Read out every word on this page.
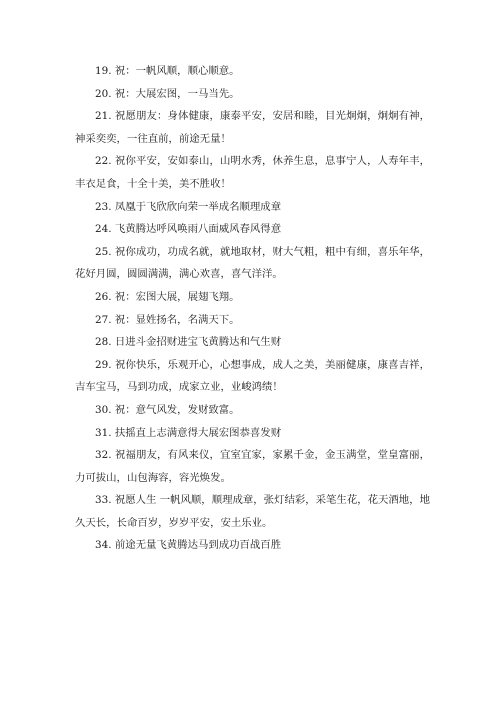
19. 祝：一帆风顺，顺心顺意。
20. 祝：大展宏图，一马当先。
21. 祝愿朋友：身体健康，康泰平安，安居和睦，目光炯炯，炯炯有神，神采奕奕，一往直前，前途无量！
22. 祝你平安，安如泰山，山明水秀，休养生息，息事宁人，人寿年丰，丰衣足食，十全十美，美不胜收！
23. 凤凰于飞欣欣向荣一举成名顺理成章
24. 飞黄腾达呼风唤雨八面威风春风得意
25. 祝你成功，功成名就，就地取材，财大气粗，粗中有细，喜乐年华，花好月圆，圆圆满满，满心欢喜，喜气洋洋。
26. 祝：宏图大展，展翅飞翔。
27. 祝：显姓扬名，名满天下。
28. 日进斗金招财进宝飞黄腾达和气生财
29. 祝你快乐，乐观开心，心想事成，成人之美，美丽健康，康喜吉祥，吉车宝马，马到功成，成家立业，业峻鸿绩！
30. 祝：意气风发，发财致富。
31. 扶摇直上志满意得大展宏图恭喜发财
32. 祝福朋友，有风来仪，宜室宜家，家累千金，金玉满堂，堂皇富丽，力可拔山，山包海容，容光焕发。
33. 祝愿人生 一帆风顺，顺理成章，张灯结彩，采笔生花，花天酒地，地久天长，长命百岁，岁岁平安，安土乐业。
34. 前途无量飞黄腾达马到成功百战百胜
